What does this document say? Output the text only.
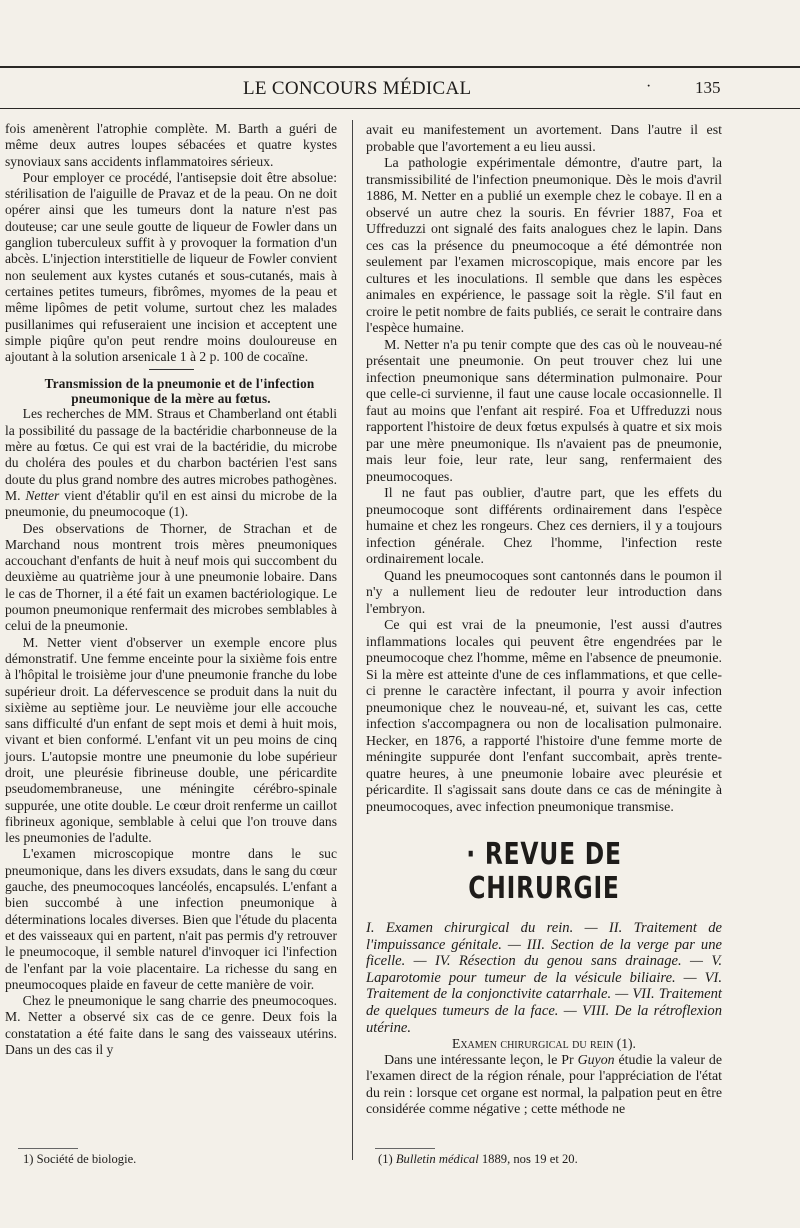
LE CONCOURS MÉDICAL	·	135

fois amenèrent l'atrophie complète. M. Barth a guéri de même deux autres loupes sébacées et quatre kystes synoviaux sans accidents inflammatoires sérieux.

Pour employer ce procédé, l'antisepsie doit être absolue: stérilisation de l'aiguille de Pravaz et de la peau. On ne doit opérer ainsi que les tumeurs dont la nature n'est pas douteuse; car une seule goutte de liqueur de Fowler dans un ganglion tuberculeux suffit à y provoquer la formation d'un abcès. L'injection interstitielle de liqueur de Fowler convient non seulement aux kystes cutanés et sous-cutanés, mais à certaines petites tumeurs, fibrômes, myomes de la peau et même lipômes de petit volume, surtout chez les malades pusillanimes qui refuseraient une incision et acceptent une simple piqûre qu'on peut rendre moins douloureuse en ajoutant à la solution arsenicale 1 à 2 p. 100 de cocaïne.

Transmission de la pneumonie et de l'infection pneumonique de la mère au fœtus.

Les recherches de MM. Straus et Chamberland ont établi la possibilité du passage de la bactéridie charbonneuse de la mère au fœtus. Ce qui est vrai de la bactéridie, du microbe du choléra des poules et du charbon bactérien l'est sans doute du plus grand nombre des autres microbes pathogènes. M. Netter vient d'établir qu'il en est ainsi du microbe de la pneumonie, du pneumocoque (1).

Des observations de Thorner, de Strachan et de Marchand nous montrent trois mères pneumoniques accouchant d'enfants de huit à neuf mois qui succombent du deuxième au quatrième jour à une pneumonie lobaire. Dans le cas de Thorner, il a été fait un examen bactériologique. Le poumon pneumonique renfermait des microbes semblables à celui de la pneumonie.

M. Netter vient d'observer un exemple encore plus démonstratif. Une femme enceinte pour la sixième fois entre à l'hôpital le troisième jour d'une pneumonie franche du lobe supérieur droit. La défervescence se produit dans la nuit du sixième au septième jour. Le neuvième jour elle accouche sans difficulté d'un enfant de sept mois et demi à huit mois, vivant et bien conformé. L'enfant vit un peu moins de cinq jours. L'autopsie montre une pneumonie du lobe supérieur droit, une pleurésie fibrineuse double, une péricardite pseudomembraneuse, une méningite cérébro-spinale suppurée, une otite double. Le cœur droit renferme un caillot fibrineux agonique, semblable à celui que l'on trouve dans les pneumonies de l'adulte.

L'examen microscopique montre dans le suc pneumonique, dans les divers exsudats, dans le sang du cœur gauche, des pneumocoques lancéolés, encapsulés. L'enfant a bien succombé à une infection pneumonique à déterminations locales diverses. Bien que l'étude du placenta et des vaisseaux qui en partent, n'ait pas permis d'y retrouver le pneumocoque, il semble naturel d'invoquer ici l'infection de l'enfant par la voie placentaire. La richesse du sang en pneumocoques plaide en faveur de cette manière de voir.

Chez le pneumonique le sang charrie des pneumocoques. M. Netter a observé six cas de ce genre. Deux fois la constatation a été faite dans le sang des vaisseaux utérins. Dans un des cas il y

avait eu manifestement un avortement. Dans l'autre il est probable que l'avortement a eu lieu aussi.

La pathologie expérimentale démontre, d'autre part, la transmissibilité de l'infection pneumonique. Dès le mois d'avril 1886, M. Netter en a publié un exemple chez le cobaye. Il en a observé un autre chez la souris. En février 1887, Foa et Uffreduzzi ont signalé des faits analogues chez le lapin. Dans ces cas la présence du pneumocoque a été démontrée non seulement par l'examen microscopique, mais encore par les cultures et les inoculations. Il semble que dans les espèces animales en expérience, le passage soit la règle. S'il faut en croire le petit nombre de faits publiés, ce serait le contraire dans l'espèce humaine.

M. Netter n'a pu tenir compte que des cas où le nouveau-né présentait une pneumonie. On peut trouver chez lui une infection pneumonique sans détermination pulmonaire. Pour que celle-ci survienne, il faut une cause locale occasionnelle. Il faut au moins que l'enfant ait respiré. Foa et Uffreduzzi nous rapportent l'histoire de deux fœtus expulsés à quatre et six mois par une mère pneumonique. Ils n'avaient pas de pneumonie, mais leur foie, leur rate, leur sang, renfermaient des pneumocoques.

Il ne faut pas oublier, d'autre part, que les effets du pneumocoque sont différents ordinairement dans l'espèce humaine et chez les rongeurs. Chez ces derniers, il y a toujours infection générale. Chez l'homme, l'infection reste ordinairement locale.

Quand les pneumocoques sont cantonnés dans le poumon il n'y a nullement lieu de redouter leur introduction dans l'embryon.

Ce qui est vrai de la pneumonie, l'est aussi d'autres inflammations locales qui peuvent être engendrées par le pneumocoque chez l'homme, même en l'absence de pneumonie. Si la mère est atteinte d'une de ces inflammations, et que celle-ci prenne le caractère infectant, il pourra y avoir infection pneumonique chez le nouveau-né, et, suivant les cas, cette infection s'accompagnera ou non de localisation pulmonaire. Hecker, en 1876, a rapporté l'histoire d'une femme morte de méningite suppurée dont l'enfant succombait, après trente-quatre heures, à une pneumonie lobaire avec pleurésie et péricardite. Il s'agissait sans doute dans ce cas de méningite à pneumocoques, avec infection pneumonique transmise.

· REVUE DE CHIRURGIE

I. Examen chirurgical du rein. — II. Traitement de l'impuissance génitale. — III. Section de la verge par une ficelle. — IV. Résection du genou sans drainage. — V. Laparotomie pour tumeur de la vésicule biliaire. — VI. Traitement de la conjonctivite catarrhale. — VII. Traitement de quelques tumeurs de la face. — VIII. De la rétroflexion utérine.

Examen chirurgical du rein (1).

Dans une intéressante leçon, le Pr Guyon étudie la valeur de l'examen direct de la région rénale, pour l'appréciation de l'état du rein : lorsque cet organe est normal, la palpation peut en être considérée comme négative ; cette méthode ne

1) Société de biologie.	(1) Bulletin médical 1889, nos 19 et 20.
